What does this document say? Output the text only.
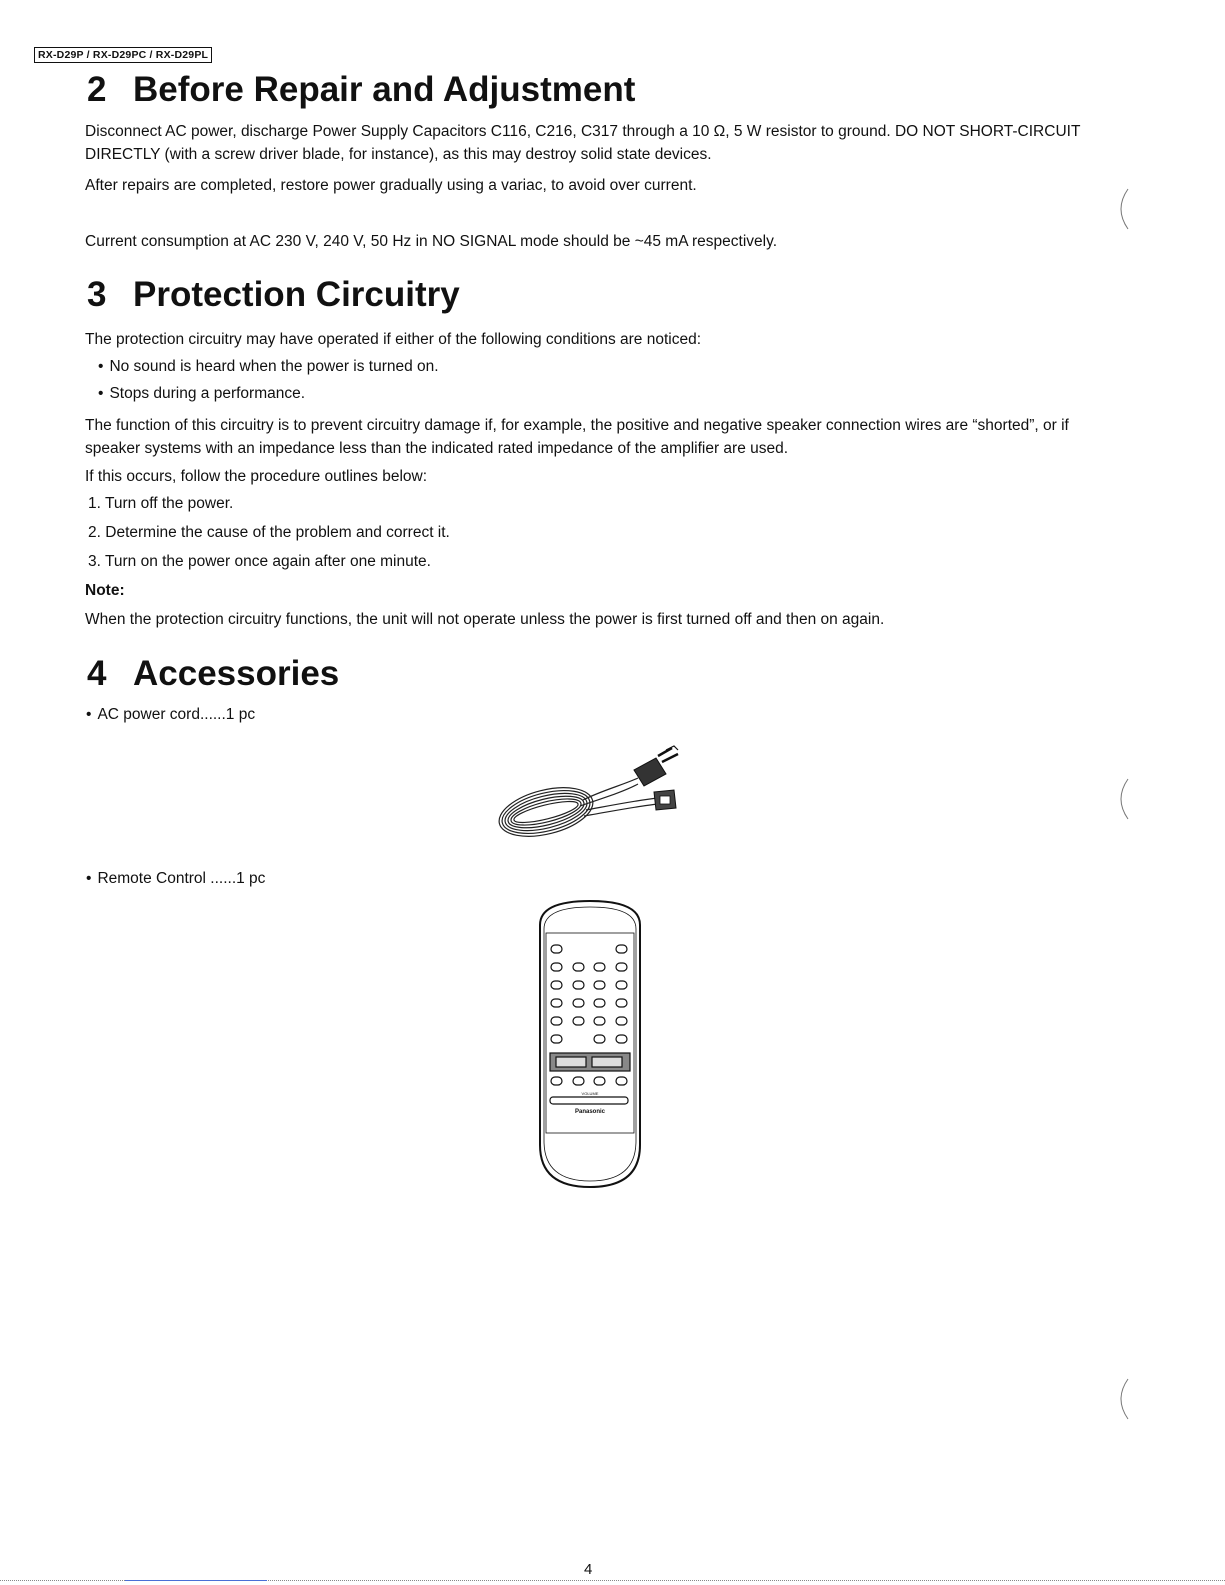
RX-D29P / RX-D29PC / RX-D29PL
2 Before Repair and Adjustment

Disconnect AC power, discharge Power Supply Capacitors C116, C216, C317 through a 10 Ω, 5 W resistor to ground. DO NOT SHORT-CIRCUIT DIRECTLY (with a screw driver blade, for instance), as this may destroy solid state devices.

After repairs are completed, restore power gradually using a variac, to avoid over current.

Current consumption at AC 230 V, 240 V, 50 Hz in NO SIGNAL mode should be ~45 mA respectively.

3 Protection Circuitry

The protection circuitry may have operated if either of the following conditions are noticed:

• No sound is heard when the power is turned on.

• Stops during a performance.

The function of this circuitry is to prevent circuitry damage if, for example, the positive and negative speaker connection wires are “shorted”, or if speaker systems with an impedance less than the indicated rated impedance of the amplifier are used.

If this occurs, follow the procedure outlines below:

1. Turn off the power.

2. Determine the cause of the problem and correct it.

3. Turn on the power once again after one minute.

Note:

When the protection circuitry functions, the unit will not operate unless the power is first turned off and then on again.

4 Accessories

• AC power cord......1 pc

• Remote Control ......1 pc

VOLUME
Panasonic
4
